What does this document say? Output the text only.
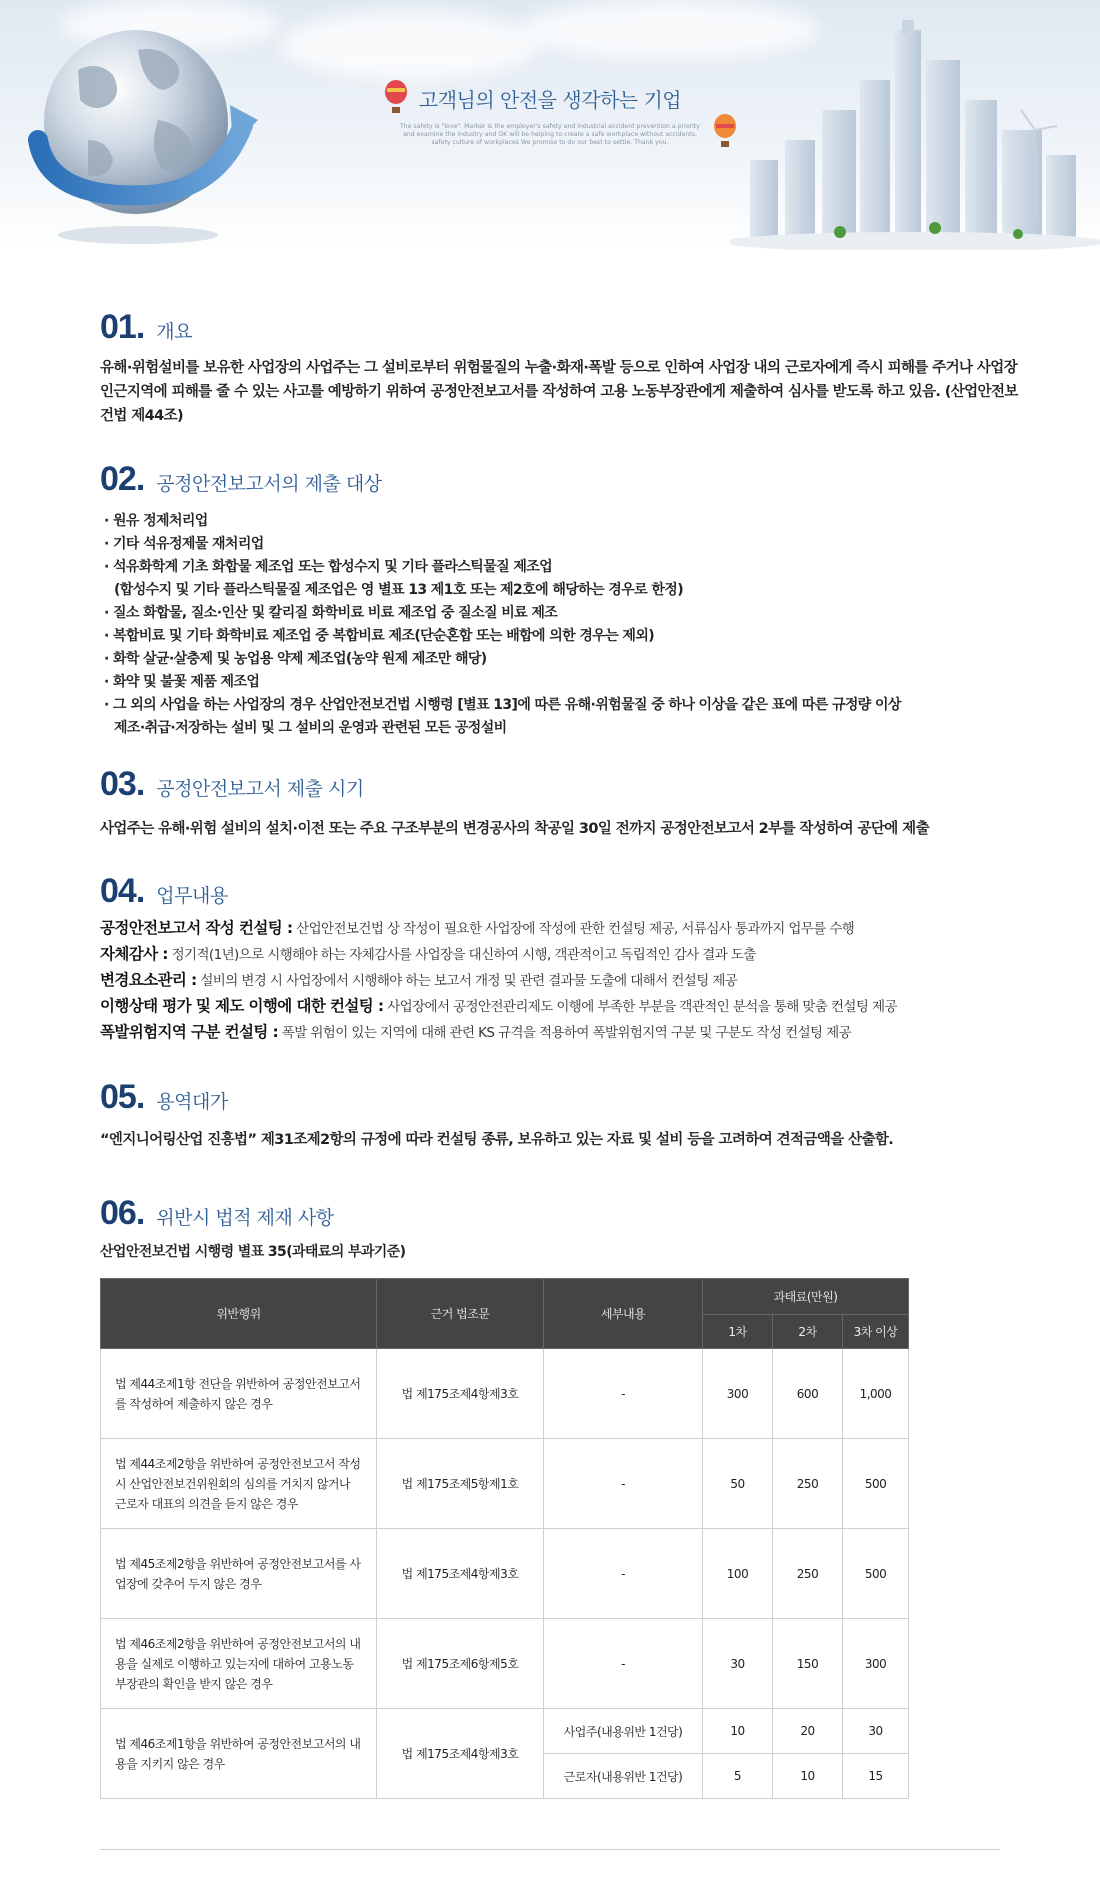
고객님의 안전을 생각하는 기업
The safety is "love". Marker is the employer's safety and industrial accident prevention a priority and examine the industry and OK will be helping to create a safe workplace without accidents, safety culture of workplaces We promise to do our best to settle. Thank you.
01. 개요
유해·위험설비를 보유한 사업장의 사업주는 그 설비로부터 위험물질의 누출·화재·폭발 등으로 인하여 사업장 내의 근로자에게 즉시 피해를 주거나 사업장 인근지역에 피해를 줄 수 있는 사고를 예방하기 위하여 공정안전보고서를 작성하여 고용 노동부장관에게 제출하여 심사를 받도록 하고 있음. (산업안전보건법 제44조)
02. 공정안전보고서의 제출 대상
· 원유 정제처리업
· 기타 석유정제물 재처리업
· 석유화학계 기초 화합물 제조업 또는 합성수지 및 기타 플라스틱물질 제조업
(합성수지 및 기타 플라스틱물질 제조업은 영 별표 13 제1호 또는 제2호에 해당하는 경우로 한정)
· 질소 화합물, 질소·인산 및 칼리질 화학비료 비료 제조업 중 질소질 비료 제조
· 복합비료 및 기타 화학비료 제조업 중 복합비료 제조(단순혼합 또는 배합에 의한 경우는 제외)
· 화학 살균·살충제 및 농업용 약제 제조업(농약 원제 제조만 해당)
· 화약 및 불꽃 제품 제조업
· 그 외의 사업을 하는 사업장의 경우 산업안전보건법 시행령 [별표 13]에 따른 유해·위험물질 중 하나 이상을 같은 표에 따른 규정량 이상
제조·취급·저장하는 설비 및 그 설비의 운영과 관련된 모든 공정설비
03. 공정안전보고서 제출 시기
사업주는 유해·위험 설비의 설치·이전 또는 주요 구조부분의 변경공사의 착공일 30일 전까지 공정안전보고서 2부를 작성하여 공단에 제출
04. 업무내용
공정안전보고서 작성 컨설팅 : 산업안전보건법 상 작성이 필요한 사업장에 작성에 관한 컨설팅 제공, 서류심사 통과까지 업무를 수행
자체감사 : 정기적(1년)으로 시행해야 하는 자체감사를 사업장을 대신하여 시행, 객관적이고 독립적인 감사 결과 도출
변경요소관리 : 설비의 변경 시 사업장에서 시행해야 하는 보고서 개정 및 관련 결과물 도출에 대해서 컨설팅 제공
이행상태 평가 및 제도 이행에 대한 컨설팅 : 사업장에서 공정안전관리제도 이행에 부족한 부분을 객관적인 분석을 통해 맞춤 컨설팅 제공
폭발위험지역 구분 컨설팅 : 폭발 위험이 있는 지역에 대해 관련 KS 규격을 적용하여 폭발위험지역 구분 및 구분도 작성 컨설팅 제공
05. 용역대가
“엔지니어링산업 진흥법” 제31조제2항의 규정에 따라 컨설팅 종류, 보유하고 있는 자료 및 설비 등을 고려하여 견적금액을 산출함.
06. 위반시 법적 제재 사항
산업안전보건법 시행령 별표 35(과태료의 부과기준)
위반행위	근거 법조문	세부내용	과태료(만원)		
			1차	2차	3차 이상
법 제44조제1항 전단을 위반하여 공정안전보고서를 작성하여 제출하지 않은 경우	법 제175조제4항제3호	-	300	600	1,000
법 제44조제2항을 위반하여 공정안전보고서 작성시 산업안전보건위원회의 심의를 거치지 않거나 근로자 대표의 의견을 듣지 않은 경우	법 제175조제5항제1호	-	50	250	500
법 제45조제2항을 위반하여 공정안전보고서를 사업장에 갖추어 두지 않은 경우	법 제175조제4항제3호	-	100	250	500
법 제46조제2항을 위반하여 공정안전보고서의 내용을 실제로 이행하고 있는지에 대하여 고용노동부장관의 확인을 받지 않은 경우	법 제175조제6항제5호	-	30	150	300
법 제46조제1항을 위반하여 공정안전보고서의 내용을 지키지 않은 경우	법 제175조제4항제3호	사업주(내용위반 1건당)	10	20	30
		근로자(내용위반 1건당)	5	10	15
